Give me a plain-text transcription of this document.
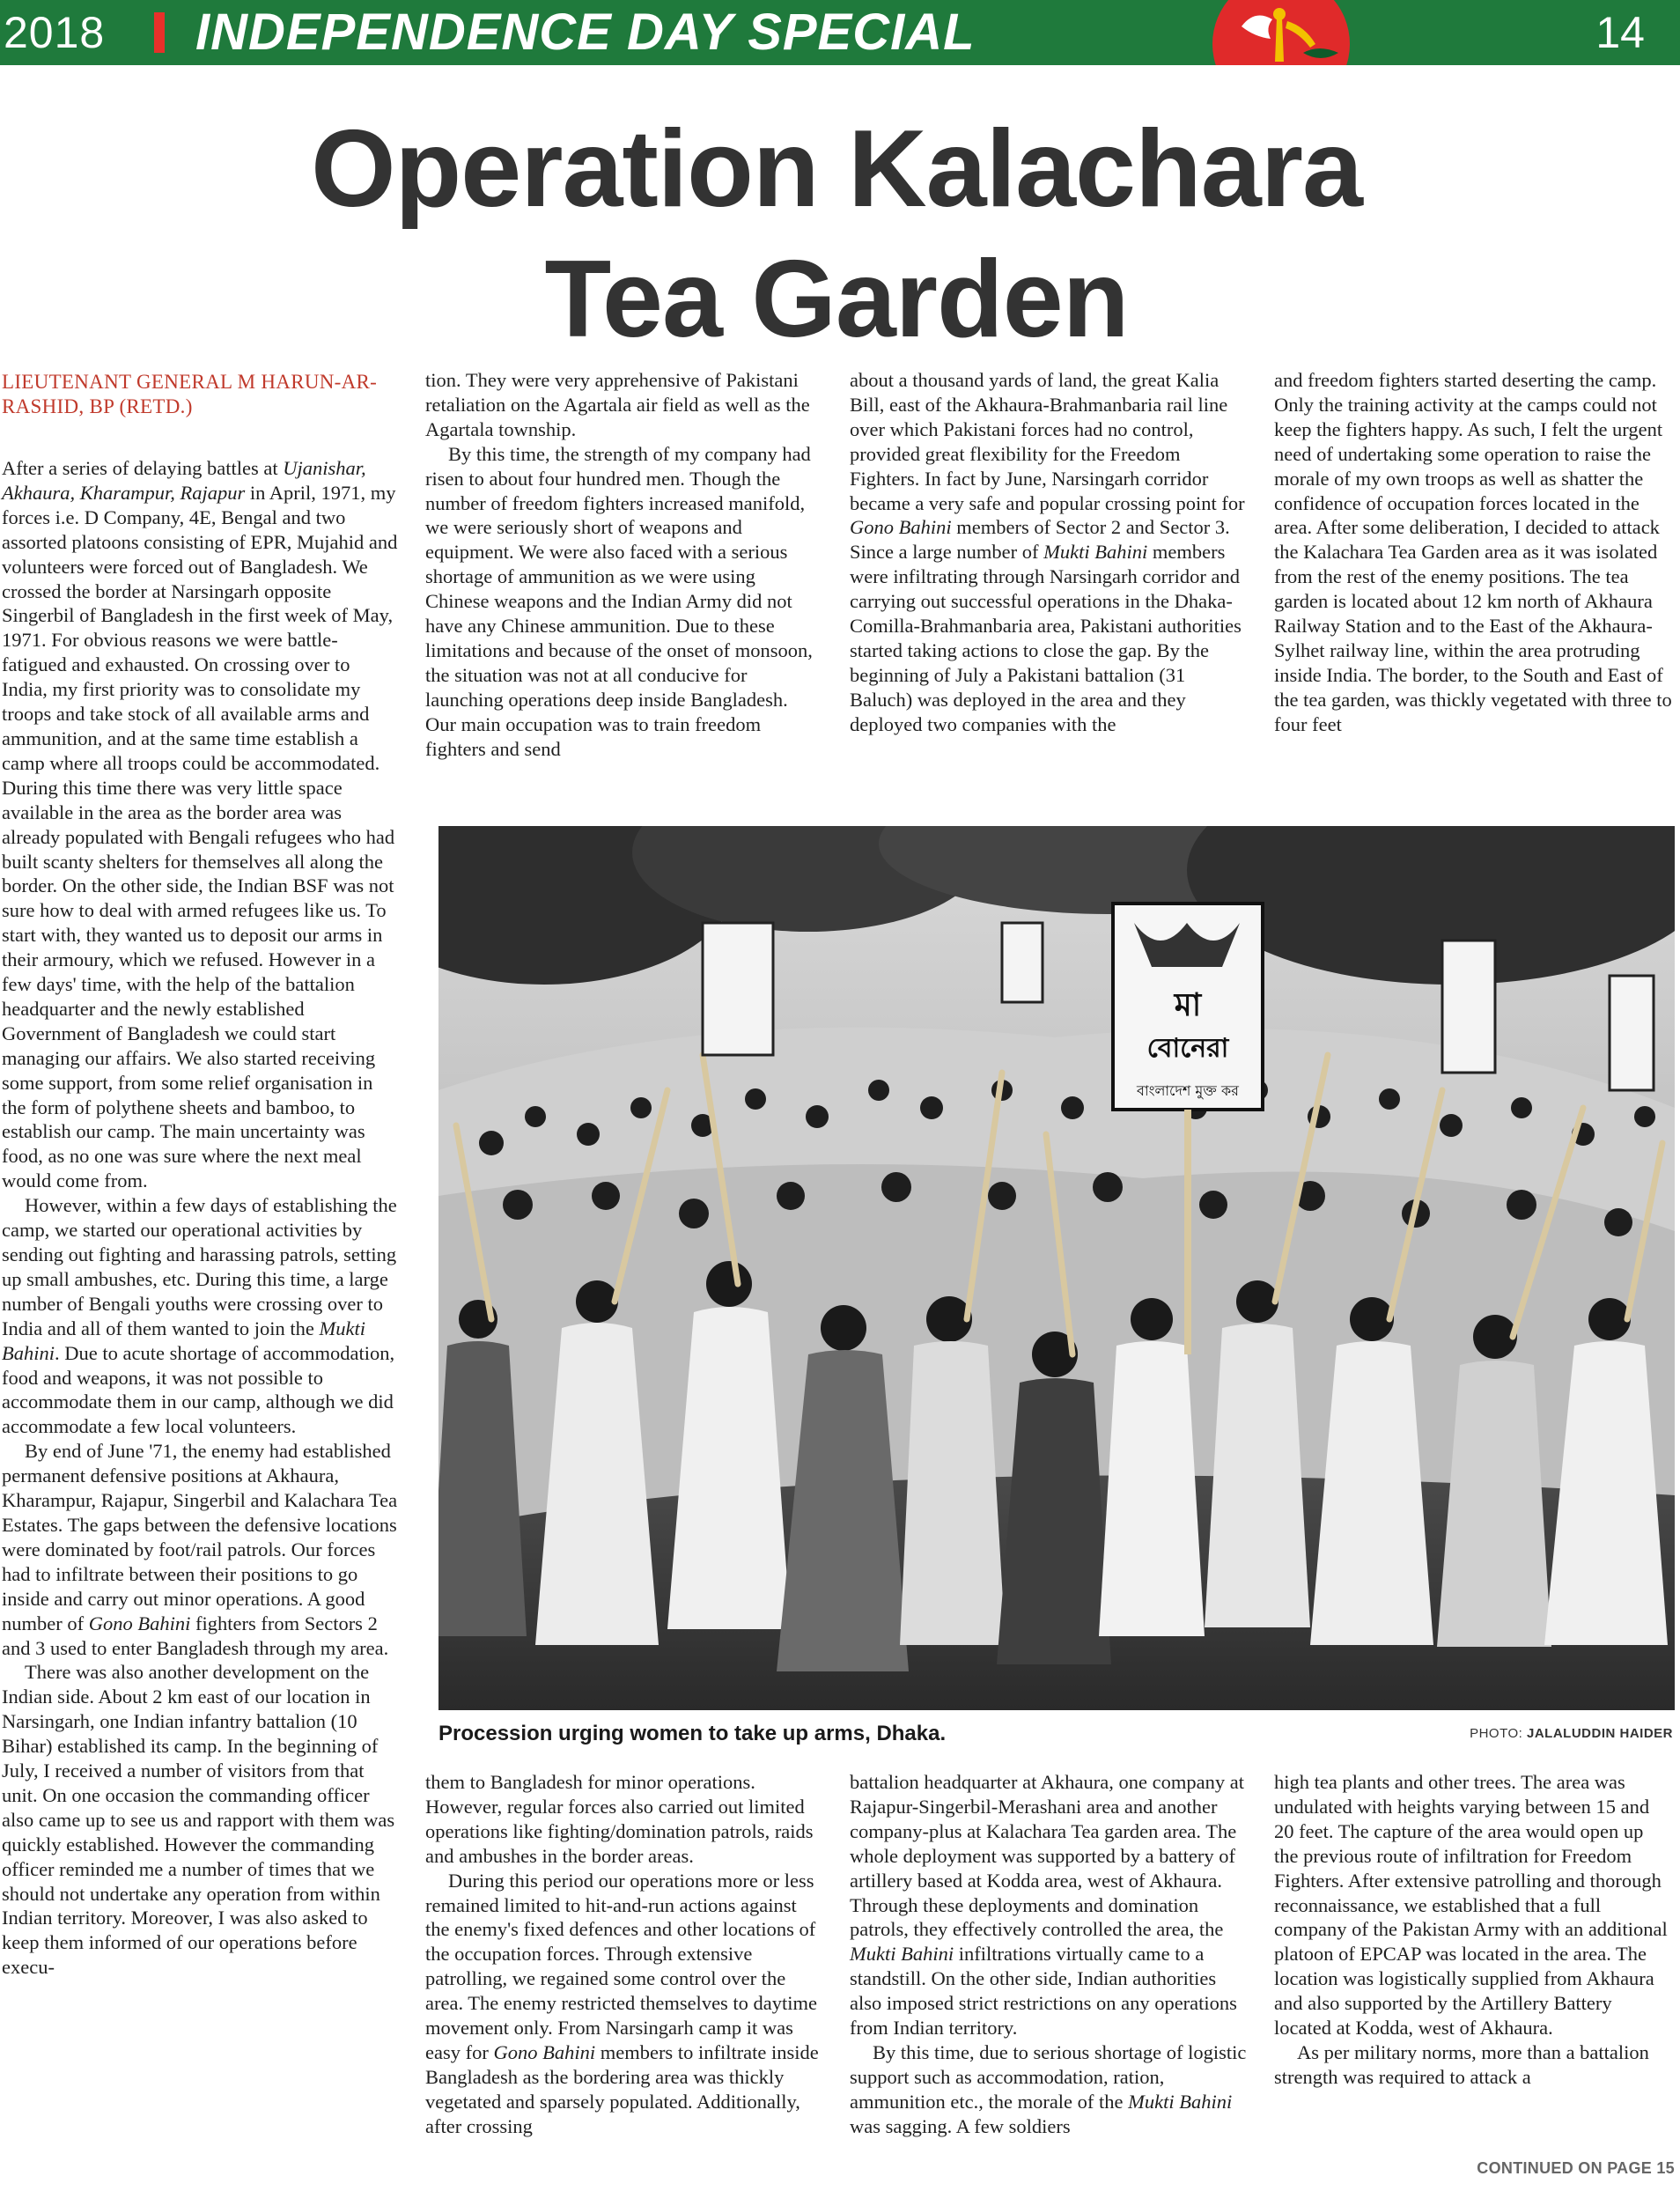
2018 INDEPENDENCE DAY SPECIAL	14
Operation Kalachara
Tea Garden

LIEUTENANT GENERAL M HARUN-AR-RASHID, BP (RETD.)

After a series of delaying battles at Ujanishar, Akhaura, Kharampur, Rajapur in April, 1971, my forces i.e. D Company, 4E, Bengal and two assorted platoons consisting of EPR, Mujahid and volunteers were forced out of Bangladesh. We crossed the border at Narsingarh opposite Singerbil of Bangladesh in the first week of May, 1971. For obvious reasons we were battle-fatigued and exhausted. On crossing over to India, my first priority was to consolidate my troops and take stock of all available arms and ammunition, and at the same time establish a camp where all troops could be accommodated. During this time there was very little space available in the area as the border area was already populated with Bengali refugees who had built scanty shelters for themselves all along the border. On the other side, the Indian BSF was not sure how to deal with armed refugees like us. To start with, they wanted us to deposit our arms in their armoury, which we refused. However in a few days' time, with the help of the battalion headquarter and the newly established Government of Bangladesh we could start managing our affairs. We also started receiving some support, from some relief organisation in the form of polythene sheets and bamboo, to establish our camp. The main uncertainty was food, as no one was sure where the next meal would come from.

However, within a few days of establishing the camp, we started our operational activities by sending out fighting and harassing patrols, setting up small ambushes, etc. During this time, a large number of Bengali youths were crossing over to India and all of them wanted to join the Mukti Bahini. Due to acute shortage of accommodation, food and weapons, it was not possible to accommodate them in our camp, although we did accommodate a few local volunteers.

By end of June '71, the enemy had established permanent defensive positions at Akhaura, Kharampur, Rajapur, Singerbil and Kalachara Tea Estates. The gaps between the defensive locations were dominated by foot/rail patrols. Our forces had to infiltrate between their positions to go inside and carry out minor operations. A good number of Gono Bahini fighters from Sectors 2 and 3 used to enter Bangladesh through my area.

There was also another development on the Indian side. About 2 km east of our location in Narsingarh, one Indian infantry battalion (10 Bihar) established its camp. In the beginning of July, I received a number of visitors from that unit. On one occasion the commanding officer also came up to see us and rapport with them was quickly established. However the commanding officer reminded me a number of times that we should not undertake any operation from within Indian territory. Moreover, I was also asked to keep them informed of our operations before execu-

tion. They were very apprehensive of Pakistani retaliation on the Agartala air field as well as the Agartala township.

By this time, the strength of my company had risen to about four hundred men. Though the number of freedom fighters increased manifold, we were seriously short of weapons and equipment. We were also faced with a serious shortage of ammunition as we were using Chinese weapons and the Indian Army did not have any Chinese ammunition. Due to these limitations and because of the onset of monsoon, the situation was not at all conducive for launching operations deep inside Bangladesh. Our main occupation was to train freedom fighters and send

about a thousand yards of land, the great Kalia Bill, east of the Akhaura-Brahmanbaria rail line over which Pakistani forces had no control, provided great flexibility for the Freedom Fighters. In fact by June, Narsingarh corridor became a very safe and popular crossing point for Gono Bahini members of Sector 2 and Sector 3. Since a large number of Mukti Bahini members were infiltrating through Narsingarh corridor and carrying out successful operations in the Dhaka-Comilla-Brahmanbaria area, Pakistani authorities started taking actions to close the gap. By the beginning of July a Pakistani battalion (31 Baluch) was deployed in the area and they deployed two companies with the

and freedom fighters started deserting the camp. Only the training activity at the camps could not keep the fighters happy. As such, I felt the urgent need of undertaking some operation to raise the morale of my own troops as well as shatter the confidence of occupation forces located in the area. After some deliberation, I decided to attack the Kalachara Tea Garden area as it was isolated from the rest of the enemy positions. The tea garden is located about 12 km north of Akhaura Railway Station and to the East of the Akhaura-Sylhet railway line, within the area protruding inside India. The border, to the South and East of the tea garden, was thickly vegetated with three to four feet

মা
বোনেরা
বাংলাদেশ মুক্ত কর
Procession urging women to take up arms, Dhaka.	PHOTO: JALALUDDIN HAIDER

them to Bangladesh for minor operations. However, regular forces also carried out limited operations like fighting/domination patrols, raids and ambushes in the border areas.

During this period our operations more or less remained limited to hit-and-run actions against the enemy's fixed defences and other locations of the occupation forces. Through extensive patrolling, we regained some control over the area. The enemy restricted themselves to daytime movement only. From Narsingarh camp it was easy for Gono Bahini members to infiltrate inside Bangladesh as the bordering area was thickly vegetated and sparsely populated. Additionally, after crossing

battalion headquarter at Akhaura, one company at Rajapur-Singerbil-Merashani area and another company-plus at Kalachara Tea garden area. The whole deployment was supported by a battery of artillery based at Kodda area, west of Akhaura. Through these deployments and domination patrols, they effectively controlled the area, the Mukti Bahini infiltrations virtually came to a standstill. On the other side, Indian authorities also imposed strict restrictions on any operations from Indian territory.

By this time, due to serious shortage of logistic support such as accommodation, ration, ammunition etc., the morale of the Mukti Bahini was sagging. A few soldiers

high tea plants and other trees. The area was undulated with heights varying between 15 and 20 feet. The capture of the area would open up the previous route of infiltration for Freedom Fighters. After extensive patrolling and thorough reconnaissance, we established that a full company of the Pakistan Army with an additional platoon of EPCAP was located in the area. The location was logistically supplied from Akhaura and also supported by the Artillery Battery located at Kodda, west of Akhaura.

As per military norms, more than a battalion strength was required to attack a

CONTINUED ON PAGE 15
